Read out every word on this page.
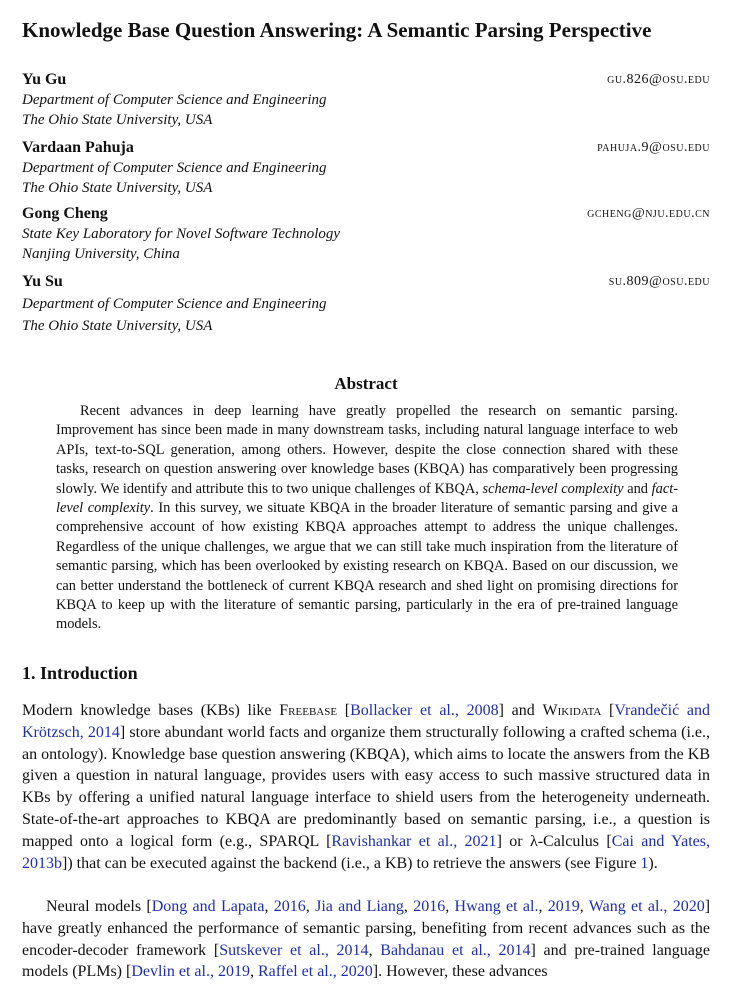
Knowledge Base Question Answering: A Semantic Parsing Perspective
Yu Gu	gu.826@osu.edu
Department of Computer Science and Engineering
The Ohio State University, USA
Vardaan Pahuja	pahuja.9@osu.edu
Department of Computer Science and Engineering
The Ohio State University, USA
Gong Cheng	gcheng@nju.edu.cn
State Key Laboratory for Novel Software Technology
Nanjing University, China
Yu Su	su.809@osu.edu
Department of Computer Science and Engineering
The Ohio State University, USA
Abstract

Recent advances in deep learning have greatly propelled the research on semantic parsing. Improvement has since been made in many downstream tasks, including natural language interface to web APIs, text-to-SQL generation, among others. However, despite the close connection shared with these tasks, research on question answering over knowledge bases (KBQA) has comparatively been progressing slowly. We identify and attribute this to two unique challenges of KBQA, schema-level complexity and fact-level complexity. In this survey, we situate KBQA in the broader literature of semantic parsing and give a comprehensive account of how existing KBQA approaches attempt to address the unique challenges. Regardless of the unique challenges, we argue that we can still take much inspiration from the literature of semantic parsing, which has been overlooked by existing research on KBQA. Based on our discussion, we can better understand the bottleneck of current KBQA research and shed light on promising directions for KBQA to keep up with the literature of semantic parsing, particularly in the era of pre-trained language models.

1. Introduction

Modern knowledge bases (KBs) like Freebase [Bollacker et al., 2008] and Wikidata [Vrandečić and Krötzsch, 2014] store abundant world facts and organize them structurally following a crafted schema (i.e., an ontology). Knowledge base question answering (KBQA), which aims to locate the answers from the KB given a question in natural language, provides users with easy access to such massive structured data in KBs by offering a unified natural language interface to shield users from the heterogeneity underneath. State-of-the-art approaches to KBQA are predominantly based on semantic parsing, i.e., a question is mapped onto a logical form (e.g., SPARQL [Ravishankar et al., 2021] or λ-Calculus [Cai and Yates, 2013b]) that can be executed against the backend (i.e., a KB) to retrieve the answers (see Figure 1).

Neural models [Dong and Lapata, 2016, Jia and Liang, 2016, Hwang et al., 2019, Wang et al., 2020] have greatly enhanced the performance of semantic parsing, benefiting from recent advances such as the encoder-decoder framework [Sutskever et al., 2014, Bahdanau et al., 2014] and pre-trained language models (PLMs) [Devlin et al., 2019, Raffel et al., 2020]. However, these advances
